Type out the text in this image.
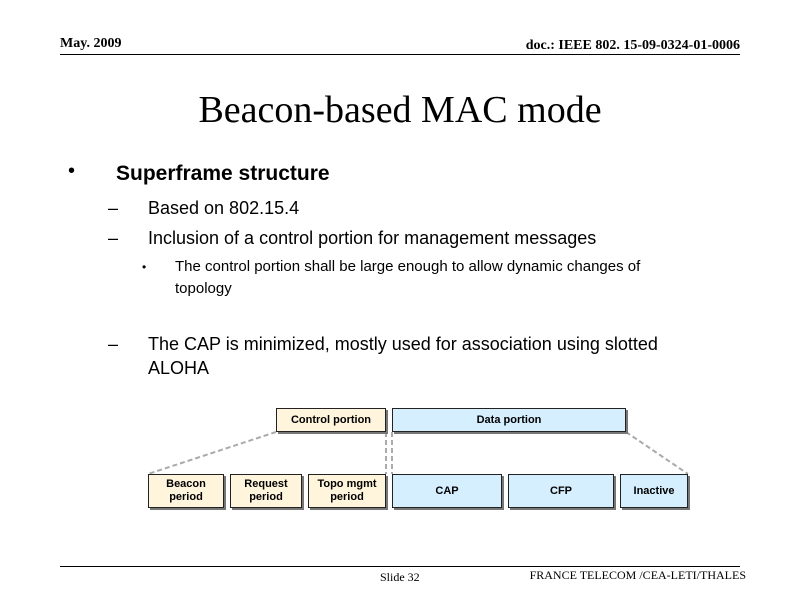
May. 2009	doc.: IEEE 802. 15-09-0324-01-0006
Beacon-based MAC mode
• Superframe structure
– Based on 802.15.4
– Inclusion of a control portion for management messages
• The control portion shall be large enough to allow dynamic changes of
topology
– The CAP is minimized, mostly used for association using slotted
ALOHA
Control portion	Data portion
Beacon
period
Request
period
Topo mgmt
period
CAP	CFP	Inactive
Slide 32	FRANCE TELECOM /CEA-LETI/THALES
